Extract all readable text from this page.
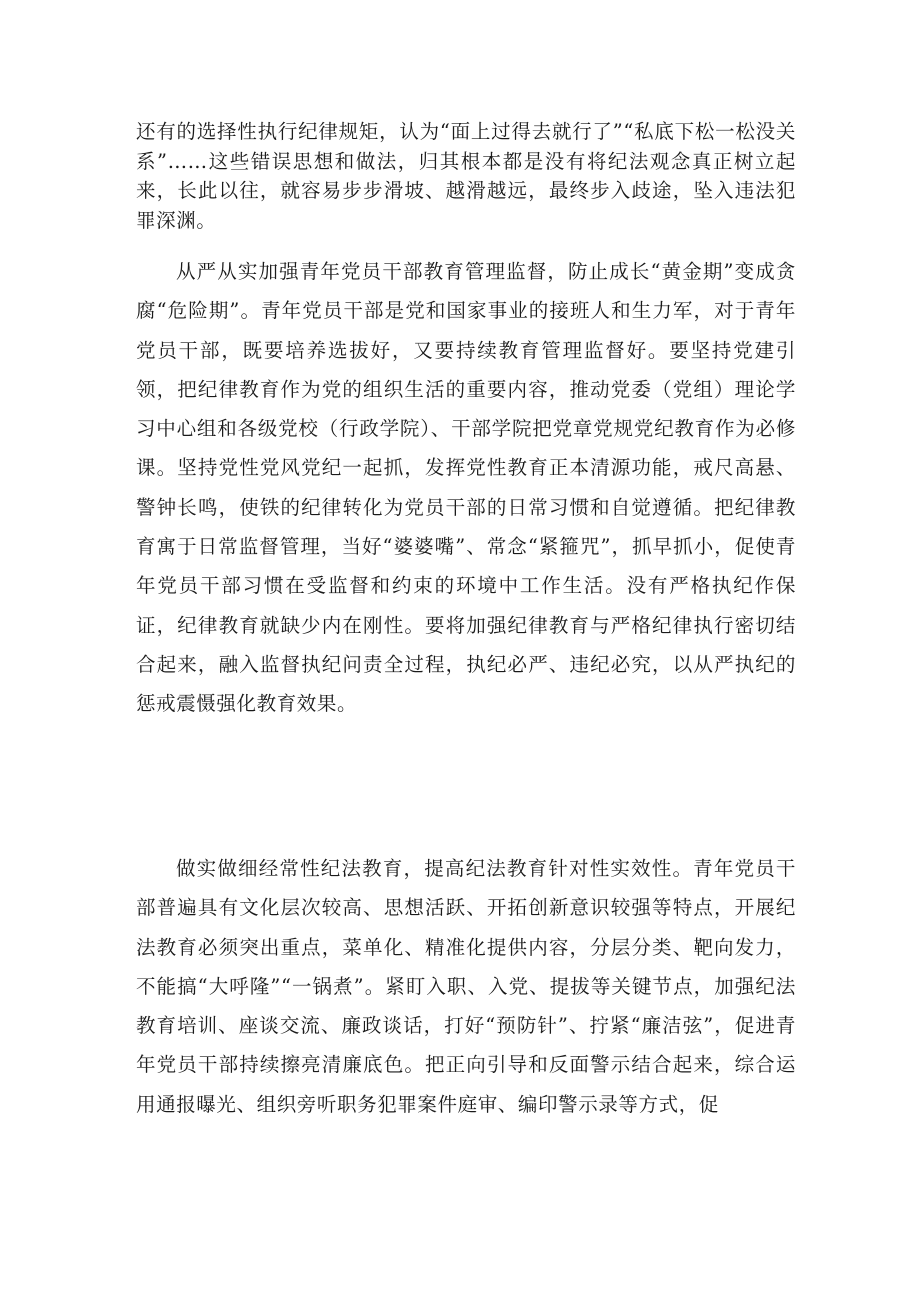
还有的选择性执行纪律规矩，认为“面上过得去就行了”“私底下松一松没关系”……这些错误思想和做法，归其根本都是没有将纪法观念真正树立起来，长此以往，就容易步步滑坡、越滑越远，最终步入歧途，坠入违法犯罪深渊。

从严从实加强青年党员干部教育管理监督，防止成长“黄金期”变成贪腐“危险期”。青年党员干部是党和国家事业的接班人和生力军，对于青年党员干部，既要培养选拔好，又要持续教育管理监督好。要坚持党建引领，把纪律教育作为党的组织生活的重要内容，推动党委（党组）理论学习中心组和各级党校（行政学院）、干部学院把党章党规党纪教育作为必修课。坚持党性党风党纪一起抓，发挥党性教育正本清源功能，戒尺高悬、警钟长鸣，使铁的纪律转化为党员干部的日常习惯和自觉遵循。把纪律教育寓于日常监督管理，当好“婆婆嘴”、常念“紧箍咒”，抓早抓小，促使青年党员干部习惯在受监督和约束的环境中工作生活。没有严格执纪作保证，纪律教育就缺少内在刚性。要将加强纪律教育与严格纪律执行密切结合起来，融入监督执纪问责全过程，执纪必严、违纪必究，以从严执纪的惩戒震慑强化教育效果。

做实做细经常性纪法教育，提高纪法教育针对性实效性。青年党员干部普遍具有文化层次较高、思想活跃、开拓创新意识较强等特点，开展纪法教育必须突出重点，菜单化、精准化提供内容，分层分类、靶向发力，不能搞“大呼隆”“一锅煮”。紧盯入职、入党、提拔等关键节点，加强纪法教育培训、座谈交流、廉政谈话，打好“预防针”、拧紧“廉洁弦”，促进青年党员干部持续擦亮清廉底色。把正向引导和反面警示结合起来，综合运用通报曝光、组织旁听职务犯罪案件庭审、编印警示录等方式，促
